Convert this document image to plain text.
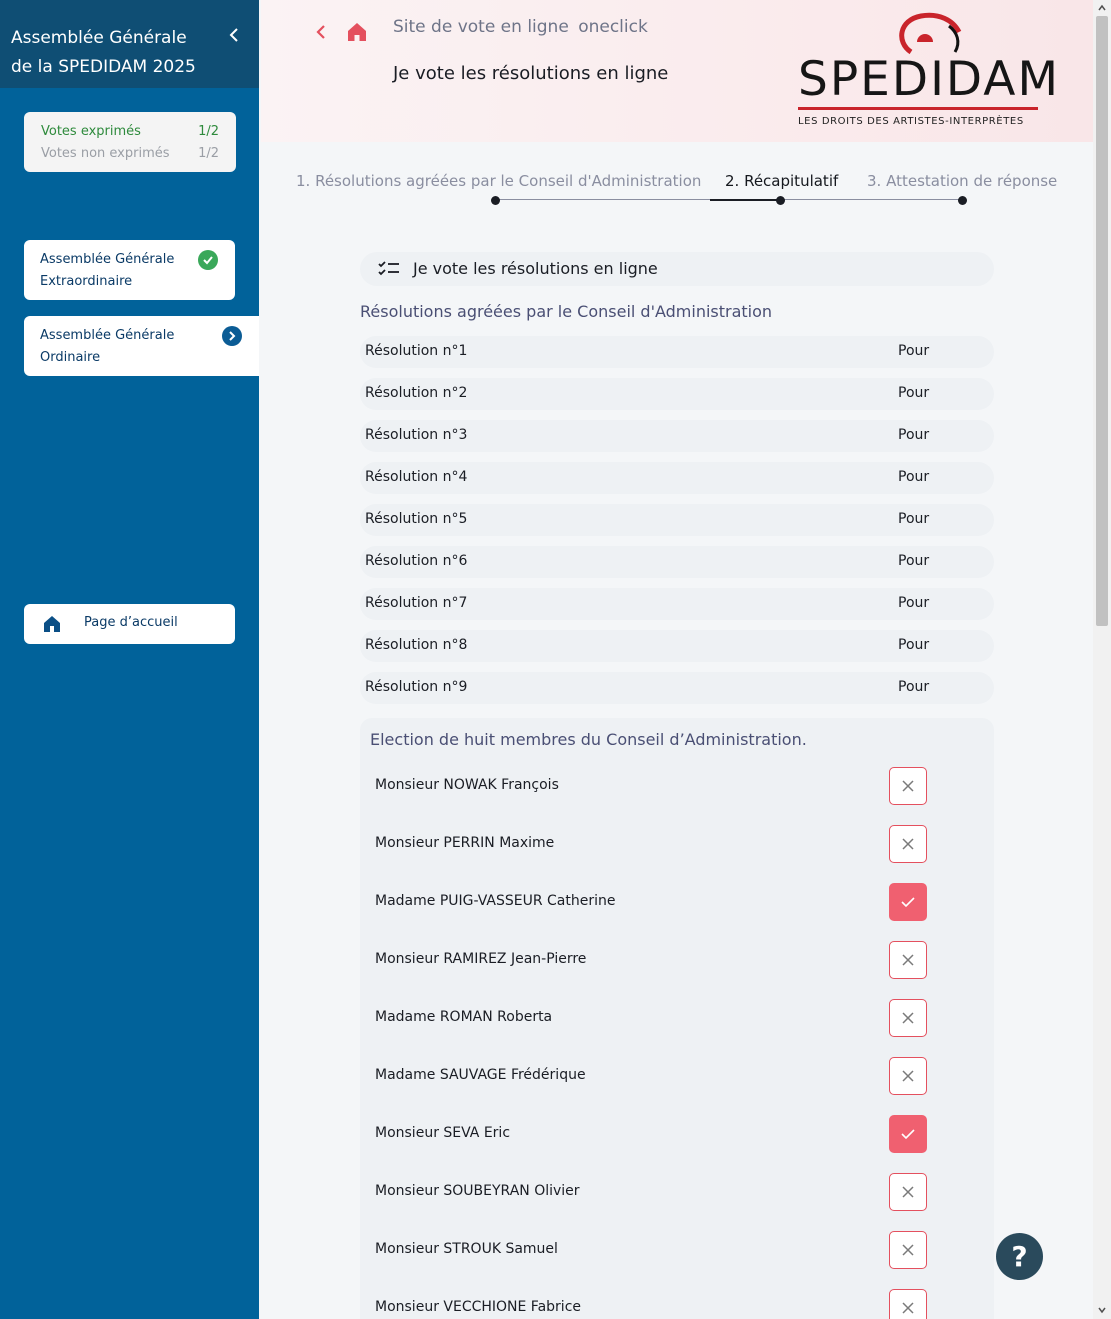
Assemblée Générale
de la SPEDIDAM 2025
Votes exprimés	1/2
Votes non exprimés 1/2
Assemblée Générale
Extraordinaire
Assemblée Générale
Ordinaire
Page d’accueil
Site de vote en ligne oneclick
Je vote les résolutions en ligne	SPEDIDAM
LES DROITS DES ARTISTES-INTERPRÈTES
1. Résolutions agréées par le Conseil d'Administration 2. Récapitulatif 3. Attestation de réponse
Je vote les résolutions en ligne
Résolutions agréées par le Conseil d'Administration
Résolution n°1	Pour
Résolution n°2	Pour
Résolution n°3	Pour
Résolution n°4	Pour
Résolution n°5	Pour
Résolution n°6	Pour
Résolution n°7	Pour
Résolution n°8	Pour
Résolution n°9	Pour
Election de huit membres du Conseil d’Administration.
Monsieur NOWAK François
Monsieur PERRIN Maxime
Madame PUIG-VASSEUR Catherine
Monsieur RAMIREZ Jean-Pierre
Madame ROMAN Roberta
Madame SAUVAGE Frédérique
Monsieur SEVA Eric
Monsieur SOUBEYRAN Olivier
Monsieur STROUK Samuel
Monsieur VECCHIONE Fabrice
?
